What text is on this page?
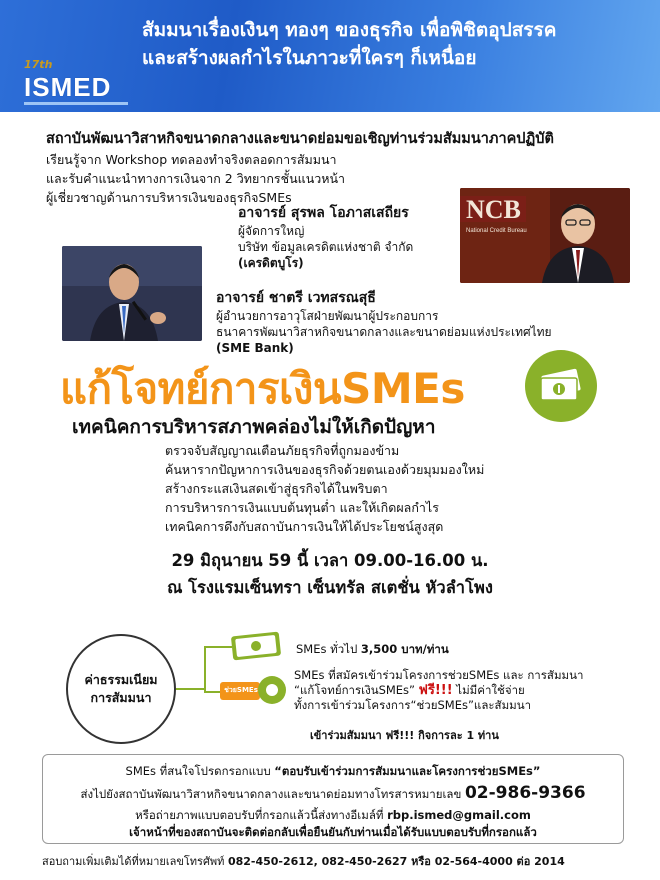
สัมมนาเรื่องเงินๆ ทองๆ ของธุรกิจ เพื่อพิชิตอุปสรรค
และสร้างผลกำไรในภาวะที่ใครๆ ก็เหนื่อย
17th
ISMED
สถาบันพัฒนาวิสาหกิจขนาดกลางและขนาดย่อมขอเชิญท่านร่วมสัมมนาภาคปฏิบัติ
เรียนรู้จาก Workshop ทดลองทำจริงตลอดการสัมมนา
และรับคำแนะนำทางการเงินจาก 2 วิทยากรชั้นแนวหน้า
ผู้เชี่ยวชาญด้านการบริหารเงินของธุรกิจSMEs	NCB
National Credit Bureau
อาจารย์ สุรพล โอภาสเสถียร
ผู้จัดการใหญ่
บริษัท ข้อมูลเครดิตแห่งชาติ จำกัด
(เครดิตบูโร)
อาจารย์ ชาตรี เวทสรณสุธี
ผู้อำนวยการอาวุโสฝ่ายพัฒนาผู้ประกอบการ
ธนาคารพัฒนาวิสาหกิจขนาดกลางและขนาดย่อมแห่งประเทศไทย
(SME Bank)
แก้โจทย์การเงินSMEs
เทคนิคการบริหารสภาพคล่องไม่ให้เกิดปัญหา
ตรวจจับสัญญาณเตือนภัยธุรกิจที่ถูกมองข้าม
ค้นหารากปัญหาการเงินของธุรกิจด้วยตนเองด้วยมุมมองใหม่
สร้างกระแสเงินสดเข้าสู่ธุรกิจได้ในพริบตา
การบริหารการเงินแบบต้นทุนต่ำ และให้เกิดผลกำไร
เทคนิคการดึงกับสถาบันการเงินให้ได้ประโยชน์สูงสุด
29 มิถุนายน 59 นี้ เวลา 09.00-16.00 น.
ณ โรงแรมเซ็นทรา เซ็นทรัล สเตชั่น หัวลำโพง
ค่าธรรมเนียม
การสัมมนา	ช่วยSMEs
SMEs ทั่วไป 3,500 บาท/ท่าน
SMEs ที่สมัครเข้าร่วมโครงการช่วยSMEs และ การสัมมนา
“แก้โจทย์การเงินSMEs” ฟรี!!! ไม่มีค่าใช้จ่าย
ทั้งการเข้าร่วมโครงการ“ช่วยSMEs”และสัมมนา
เข้าร่วมสัมมนา ฟรี!!! กิจการละ 1 ท่าน
SMEs ที่สนใจโปรดกรอกแบบ “ตอบรับเข้าร่วมการสัมมนาและโครงการช่วยSMEs”
ส่งไปยังสถาบันพัฒนาวิสาหกิจขนาดกลางและขนาดย่อมทางโทรสารหมายเลข 02-986-9366
หรือถ่ายภาพแบบตอบรับที่กรอกแล้วนี้ส่งทางอีเมล์ที่ rbp.ismed@gmail.com
เจ้าหน้าที่ของสถาบันจะติดต่อกลับเพื่อยืนยันกับท่านเมื่อได้รับแบบตอบรับที่กรอกแล้ว
สอบถามเพิ่มเติมได้ที่หมายเลขโทรศัพท์ 082-450-2612, 082-450-2627 หรือ 02-564-4000 ต่อ 2014
